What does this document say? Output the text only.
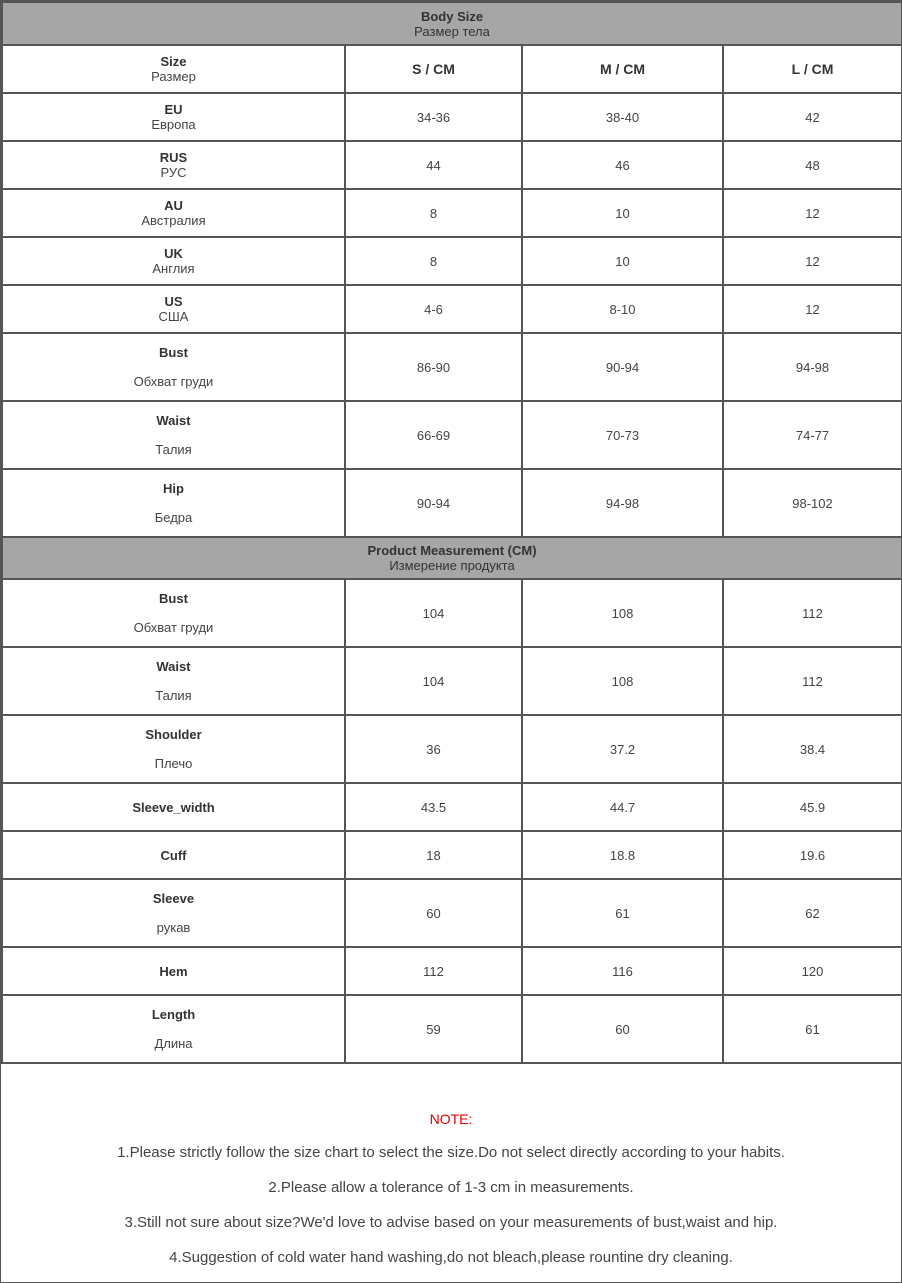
Body Size
Размер тела			

Size
Размер	S / CM	M / CM	L / CM

EU
Европа	34-36	38-40	42

RUS
РУС	44	46	48

AU
Австралия	8	10	12

UK
Англия	8	10	12

US
США	4-6	8-10	12

Bust
Обхват груди	86-90	90-94	94-98

Waist
Талия	66-69	70-73	74-77

Hip
Бедра	90-94	94-98	98-102

Product Measurement (CM)
Измерение продукта			

Bust
Обхват груди	104	108	112

Waist
Талия	104	108	112

Shoulder
Плечо	36	37.2	38.4

Sleeve_width	43.5	44.7	45.9

Cuff	18	18.8	19.6

Sleeve
рукав	60	61	62

Hem	112	116	120

Length
Длина	59	60	61
NOTE:
1.Please strictly follow the size chart to select the size.Do not select directly according to your habits.
2.Please allow a tolerance of 1-3 cm in measurements.
3.Still not sure about size?We'd love to advise based on your measurements of bust,waist and hip.
4.Suggestion of cold water hand washing,do not bleach,please rountine dry cleaning.
